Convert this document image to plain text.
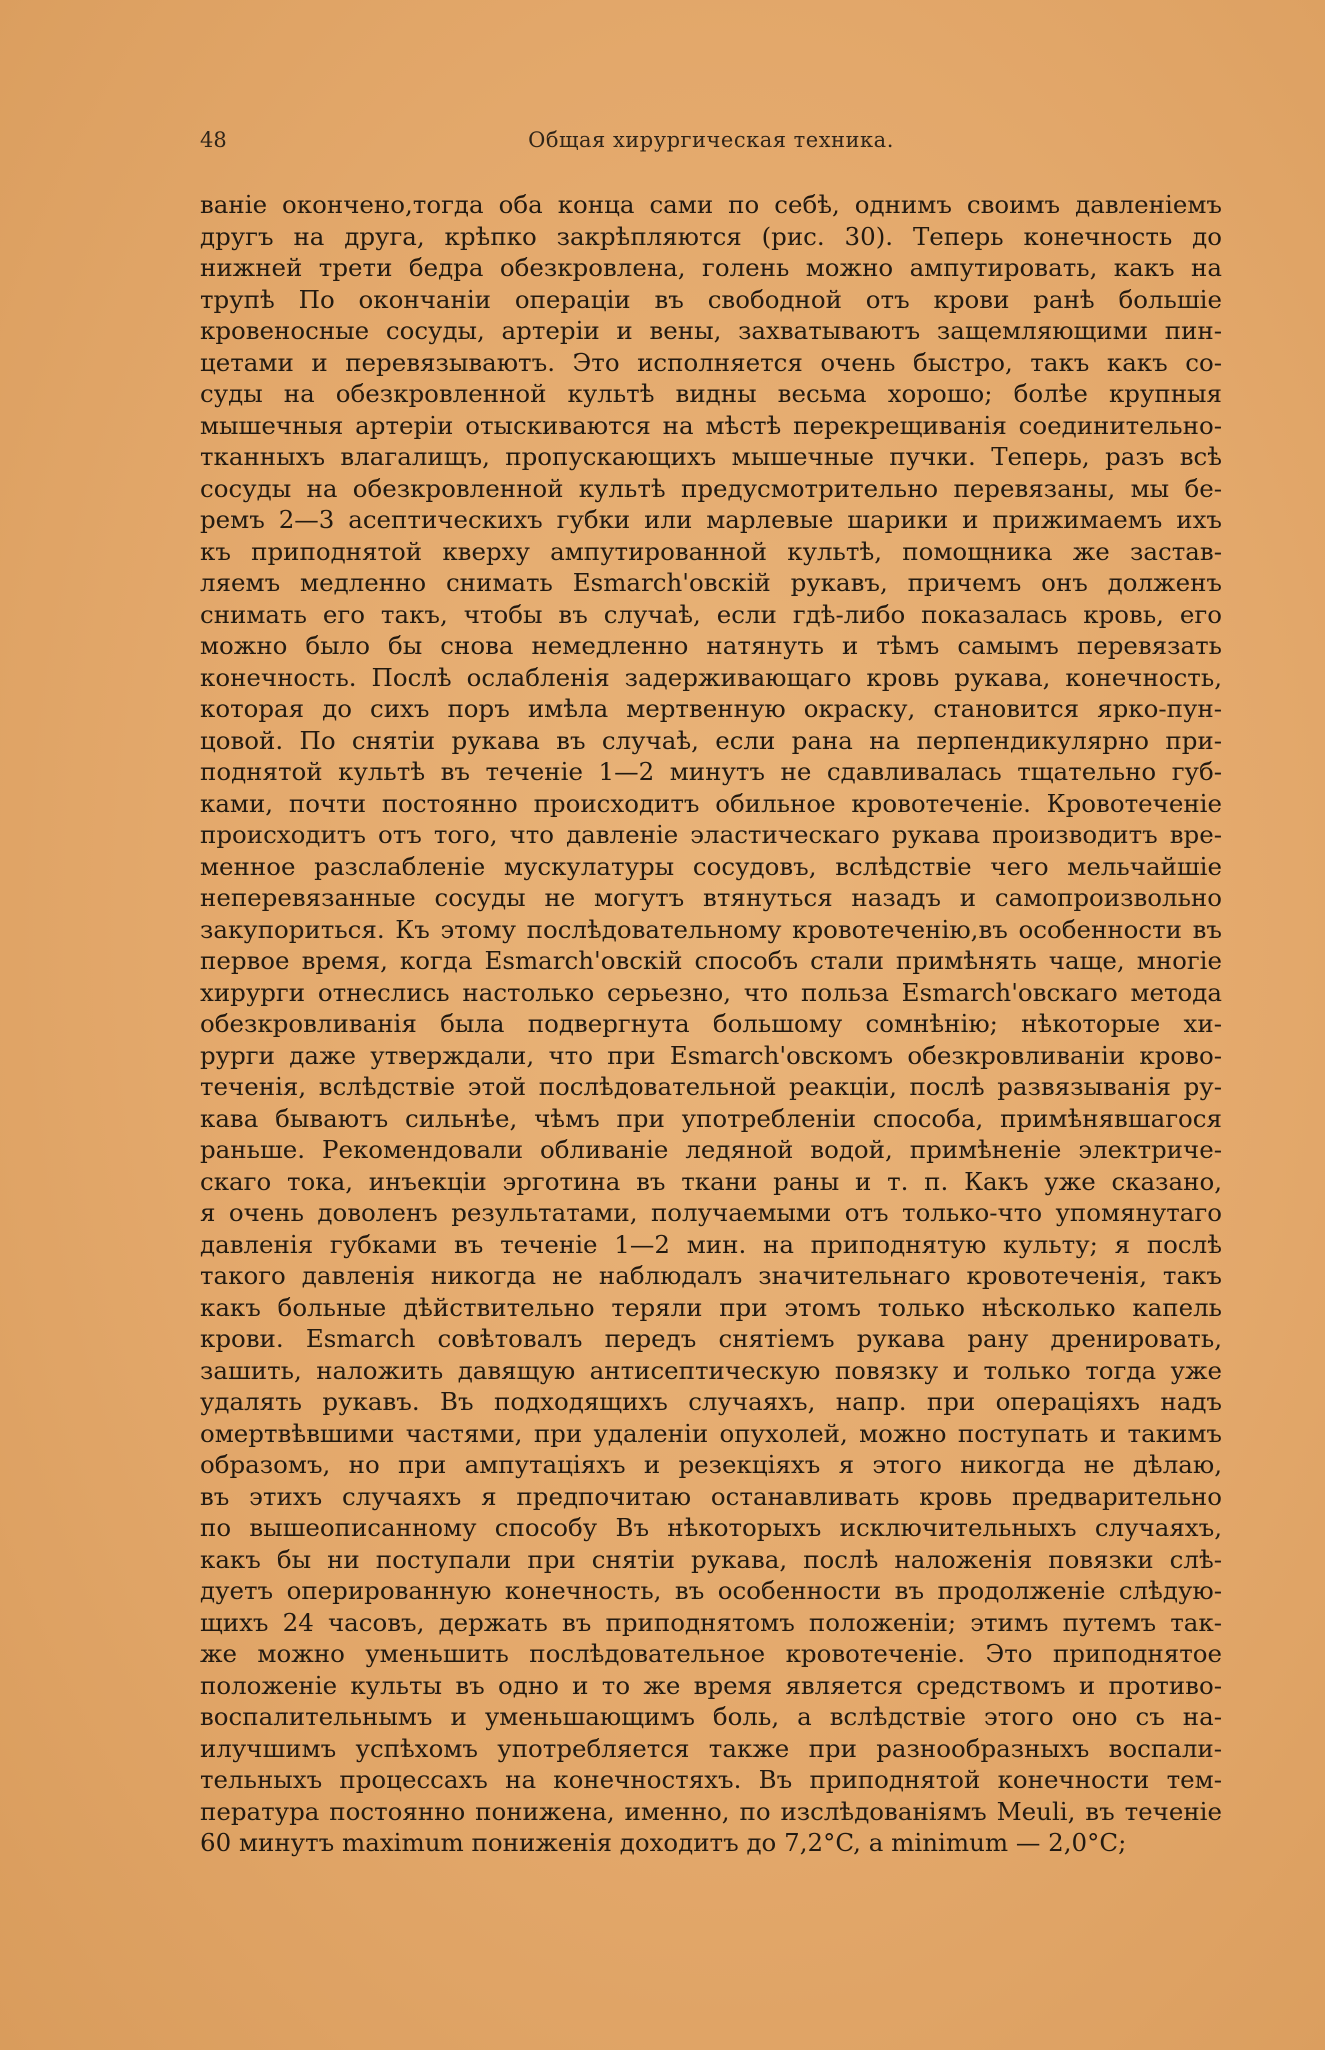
48	Общая хирургическая техника.
ваніе окончено,тогда оба конца сами по себѣ, однимъ своимъ давленіемъ
другъ на друга, крѣпко закрѣпляются (рис. 30). Теперь конечность до
нижней трети бедра обезкровлена, голень можно ампутировать, какъ на
трупѣ По окончаніи операціи въ свободной отъ крови ранѣ большіе
кровеносные сосуды, артеріи и вены, захватываютъ защемляющими пин-
цетами и перевязываютъ. Это исполняется очень быстро, такъ какъ со-
суды на обезкровленной культѣ видны весьма хорошо; болѣе крупныя
мышечныя артеріи отыскиваются на мѣстѣ перекрещиванія соединительно-
тканныхъ влагалищъ, пропускающихъ мышечные пучки. Теперь, разъ всѣ
сосуды на обезкровленной культѣ предусмотрительно перевязаны, мы бе-
ремъ 2—3 асептическихъ губки или марлевые шарики и прижимаемъ ихъ
къ приподнятой кверху ампутированной культѣ, помощника же застав-
ляемъ медленно снимать Esmarch'овскій рукавъ, причемъ онъ долженъ
снимать его такъ, чтобы въ случаѣ, если гдѣ-либо показалась кровь, его
можно было бы снова немедленно натянуть и тѣмъ самымъ перевязать
конечность. Послѣ ослабленія задерживающаго кровь рукава, конечность,
которая до сихъ поръ имѣла мертвенную окраску, становится ярко-пун-
цовой. По снятіи рукава въ случаѣ, если рана на перпендикулярно при-
поднятой культѣ въ теченіе 1—2 минутъ не сдавливалась тщательно губ-
ками, почти постоянно происходитъ обильное кровотеченіе. Кровотеченіе
происходитъ отъ того, что давленіе эластическаго рукава производитъ вре-
менное разслабленіе мускулатуры сосудовъ, вслѣдствіе чего мельчайшіе
неперевязанные сосуды не могутъ втянуться назадъ и самопроизвольно
закупориться. Къ этому послѣдовательному кровотеченію,въ особенности въ
первое время, когда Esmarch'овскій способъ стали примѣнять чаще, многіе
хирурги отнеслись настолько серьезно, что польза Esmarch'овскаго метода
обезкровливанія была подвергнута большому сомнѣнію; нѣкоторые хи-
рурги даже утверждали, что при Esmarch'овскомъ обезкровливаніи крово-
теченія, вслѣдствіе этой послѣдовательной реакціи, послѣ развязыванія ру-
кава бываютъ сильнѣе, чѣмъ при употребленіи способа, примѣнявшагося
раньше. Рекомендовали обливаніе ледяной водой, примѣненіе электриче-
скаго тока, инъекціи эрготина въ ткани раны и т. п. Какъ уже сказано,
я очень доволенъ результатами, получаемыми отъ только-что упомянутаго
давленія губками въ теченіе 1—2 мин. на приподнятую культу; я послѣ
такого давленія никогда не наблюдалъ значительнаго кровотеченія, такъ
какъ больные дѣйствительно теряли при этомъ только нѣсколько капель
крови. Esmarch совѣтовалъ передъ снятіемъ рукава рану дренировать,
зашить, наложить давящую антисептическую повязку и только тогда уже
удалять рукавъ. Въ подходящихъ случаяхъ, напр. при операціяхъ надъ
омертвѣвшими частями, при удаленіи опухолей, можно поступать и такимъ
образомъ, но при ампутаціяхъ и резекціяхъ я этого никогда не дѣлаю,
въ этихъ случаяхъ я предпочитаю останавливать кровь предварительно
по вышеописанному способу Въ нѣкоторыхъ исключительныхъ случаяхъ,
какъ бы ни поступали при снятіи рукава, послѣ наложенія повязки слѣ-
дуетъ оперированную конечность, въ особенности въ продолженіе слѣдую-
щихъ 24 часовъ, держать въ приподнятомъ положеніи; этимъ путемъ так-
же можно уменьшить послѣдовательное кровотеченіе. Это приподнятое
положеніе культы въ одно и то же время является средствомъ и противо-
воспалительнымъ и уменьшающимъ боль, а вслѣдствіе этого оно съ на-
илучшимъ успѣхомъ употребляется также при разнообразныхъ воспали-
тельныхъ процессахъ на конечностяхъ. Въ приподнятой конечности тем-
пература постоянно понижена, именно, по изслѣдованіямъ Meuli, въ теченіе
60 минутъ maximum пониженія доходитъ до 7,2°C, a minimum — 2,0°C;
